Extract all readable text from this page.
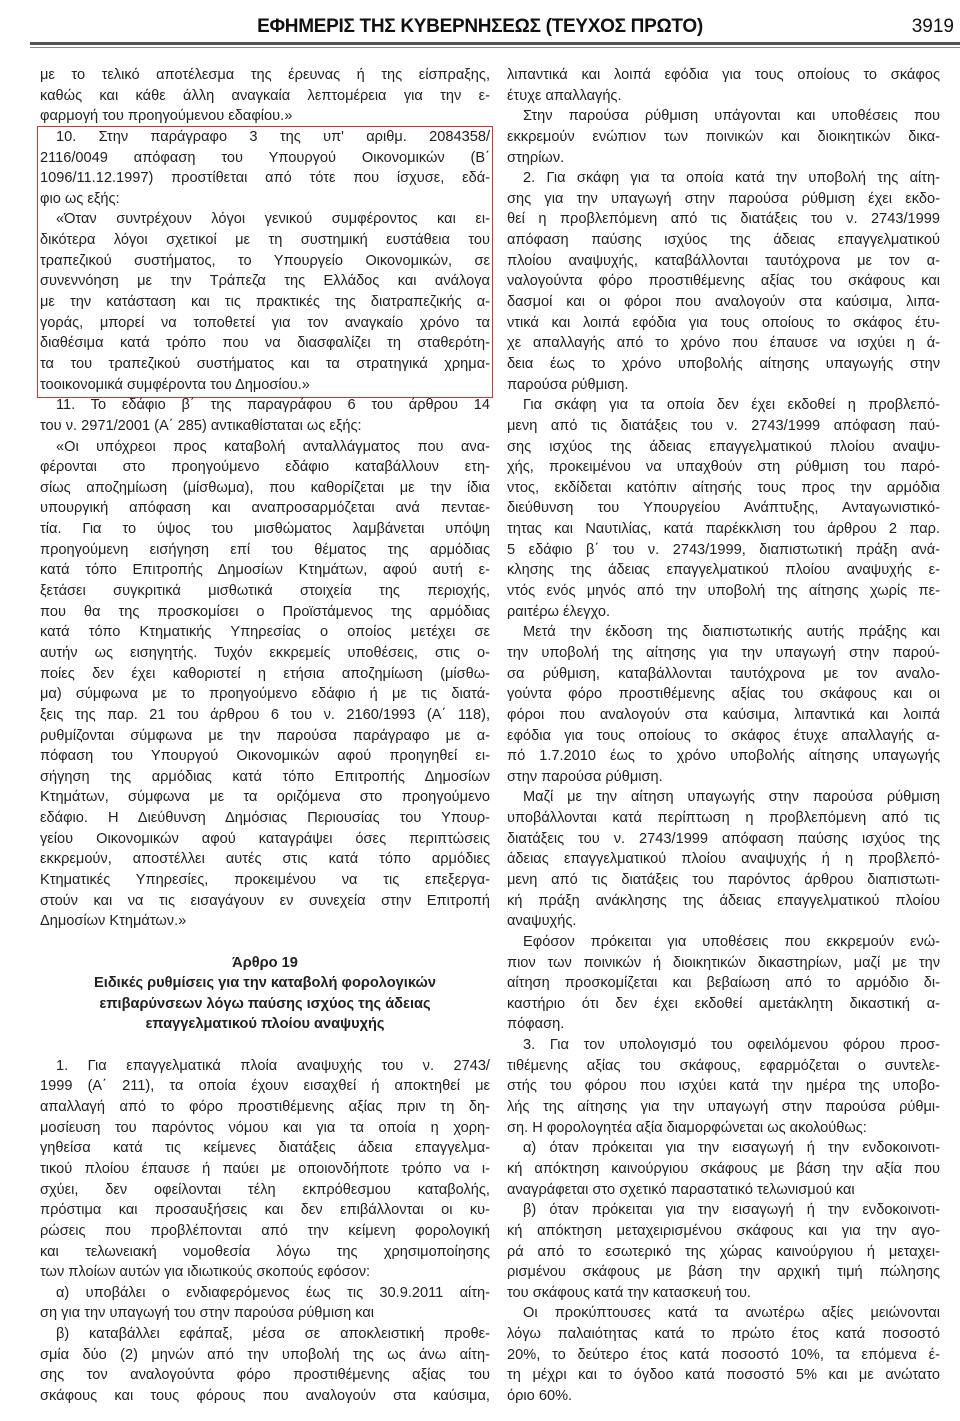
ΕΦΗΜΕΡΙΣ ΤΗΣ ΚΥΒΕΡΝΗΣΕΩΣ (ΤΕΥΧΟΣ ΠΡΩΤΟ)	3919
με το τελικό αποτέλεσμα της έρευνας ή της είσπραξης,
καθώς και κάθε άλλη αναγκαία λεπτομέρεια για την ε-
φαρμογή του προηγούμενου εδαφίου.»
10. Στην παράγραφο 3 της υπ' αριθμ. 2084358/
2116/0049 απόφαση του Υπουργού Οικονομικών (Β΄
1096/11.12.1997) προστίθεται από τότε που ίσχυσε, εδά-
φιο ως εξής:
«Όταν συντρέχουν λόγοι γενικού συμφέροντος και ει-
δικότερα λόγοι σχετικοί με τη συστημική ευστάθεια του
τραπεζικού συστήματος, το Υπουργείο Οικονομικών, σε
συνεννόηση με την Τράπεζα της Ελλάδος και ανάλογα
με την κατάσταση και τις πρακτικές της διατραπεζικής α-
γοράς, μπορεί να τοποθετεί για τον αναγκαίο χρόνο τα
διαθέσιμα κατά τρόπο που να διασφαλίζει τη σταθερότη-
τα του τραπεζικού συστήματος και τα στρατηγικά χρημα-
τοοικονομικά συμφέροντα του Δημοσίου.»
11. Το εδάφιο β΄ της παραγράφου 6 του άρθρου 14
του ν. 2971/2001 (Α΄ 285) αντικαθίσταται ως εξής:
«Οι υπόχρεοι προς καταβολή ανταλλάγματος που ανα-
φέρονται στο προηγούμενο εδάφιο καταβάλλουν ετη-
σίως αποζημίωση (μίσθωμα), που καθορίζεται με την ίδια
υπουργική απόφαση και αναπροσαρμόζεται ανά πενταε-
τία. Για το ύψος του μισθώματος λαμβάνεται υπόψη
προηγούμενη εισήγηση επί του θέματος της αρμόδιας
κατά τόπο Επιτροπής Δημοσίων Κτημάτων, αφού αυτή ε-
ξετάσει συγκριτικά μισθωτικά στοιχεία της περιοχής,
που θα της προσκομίσει ο Προϊστάμενος της αρμόδιας
κατά τόπο Κτηματικής Υπηρεσίας ο οποίος μετέχει σε
αυτήν ως εισηγητής. Τυχόν εκκρεμείς υποθέσεις, στις ο-
ποίες δεν έχει καθοριστεί η ετήσια αποζημίωση (μίσθω-
μα) σύμφωνα με το προηγούμενο εδάφιο ή με τις διατά-
ξεις της παρ. 21 του άρθρου 6 του ν. 2160/1993 (Α΄ 118),
ρυθμίζονται σύμφωνα με την παρούσα παράγραφο με α-
πόφαση του Υπουργού Οικονομικών αφού προηγηθεί ει-
σήγηση της αρμόδιας κατά τόπο Επιτροπής Δημοσίων
Κτημάτων, σύμφωνα με τα οριζόμενα στο προηγούμενο
εδάφιο. Η Διεύθυνση Δημόσιας Περιουσίας του Υπουρ-
γείου Οικονομικών αφού καταγράψει όσες περιπτώσεις
εκκρεμούν, αποστέλλει αυτές στις κατά τόπο αρμόδιες
Κτηματικές Υπηρεσίες, προκειμένου να τις επεξεργα-
στούν και να τις εισαγάγουν εν συνεχεία στην Επιτροπή
Δημοσίων Κτημάτων.»
Άρθρο 19
Ειδικές ρυθμίσεις για την καταβολή φορολογικών
επιβαρύνσεων λόγω παύσης ισχύος της άδειας
επαγγελματικού πλοίου αναψυχής
1. Για επαγγελματικά πλοία αναψυχής του ν. 2743/
1999 (Α΄ 211), τα οποία έχουν εισαχθεί ή αποκτηθεί με
απαλλαγή από το φόρο προστιθέμενης αξίας πριν τη δη-
μοσίευση του παρόντος νόμου και για τα οποία η χορη-
γηθείσα κατά τις κείμενες διατάξεις άδεια επαγγελμα-
τικού πλοίου έπαυσε ή παύει με οποιονδήποτε τρόπο να ι-
σχύει, δεν οφείλονται τέλη εκπρόθεσμου καταβολής,
πρόστιμα και προσαυξήσεις και δεν επιβάλλονται οι κυ-
ρώσεις που προβλέπονται από την κείμενη φορολογική
και τελωνειακή νομοθεσία λόγω της χρησιμοποίησης
των πλοίων αυτών για ιδιωτικούς σκοπούς εφόσον:
α) υποβάλει ο ενδιαφερόμενος έως τις 30.9.2011 αίτη-
ση για την υπαγωγή του στην παρούσα ρύθμιση και
β) καταβάλλει εφάπαξ, μέσα σε αποκλειστική προθε-
σμία δύο (2) μηνών από την υποβολή της ως άνω αίτη-
σης τον αναλογούντα φόρο προστιθέμενης αξίας του
σκάφους και τους φόρους που αναλογούν στα καύσιμα,
λιπαντικά και λοιπά εφόδια για τους οποίους το σκάφος
έτυχε απαλλαγής.
Στην παρούσα ρύθμιση υπάγονται και υποθέσεις που
εκκρεμούν ενώπιον των ποινικών και διοικητικών δικα-
στηρίων.
2. Για σκάφη για τα οποία κατά την υποβολή της αίτη-
σης για την υπαγωγή στην παρούσα ρύθμιση έχει εκδο-
θεί η προβλεπόμενη από τις διατάξεις του ν. 2743/1999
απόφαση παύσης ισχύος της άδειας επαγγελματικού
πλοίου αναψυχής, καταβάλλονται ταυτόχρονα με τον α-
ναλογούντα φόρο προστιθέμενης αξίας του σκάφους και
δασμοί και οι φόροι που αναλογούν στα καύσιμα, λιπα-
ντικά και λοιπά εφόδια για τους οποίους το σκάφος έτυ-
χε απαλλαγής από το χρόνο που έπαυσε να ισχύει η ά-
δεια έως το χρόνο υποβολής αίτησης υπαγωγής στην
παρούσα ρύθμιση.
Για σκάφη για τα οποία δεν έχει εκδοθεί η προβλεπό-
μενη από τις διατάξεις του ν. 2743/1999 απόφαση παύ-
σης ισχύος της άδειας επαγγελματικού πλοίου αναψυ-
χής, προκειμένου να υπαχθούν στη ρύθμιση του παρό-
ντος, εκδίδεται κατόπιν αίτησής τους προς την αρμόδια
διεύθυνση του Υπουργείου Ανάπτυξης, Ανταγωνιστικό-
τητας και Ναυτιλίας, κατά παρέκκλιση του άρθρου 2 παρ.
5 εδάφιο β΄ του ν. 2743/1999, διαπιστωτική πράξη ανά-
κλησης της άδειας επαγγελματικού πλοίου αναψυχής ε-
ντός ενός μηνός από την υποβολή της αίτησης χωρίς πε-
ραιτέρω έλεγχο.
Μετά την έκδοση της διαπιστωτικής αυτής πράξης και
την υποβολή της αίτησης για την υπαγωγή στην παρού-
σα ρύθμιση, καταβάλλονται ταυτόχρονα με τον αναλο-
γούντα φόρο προστιθέμενης αξίας του σκάφους και οι
φόροι που αναλογούν στα καύσιμα, λιπαντικά και λοιπά
εφόδια για τους οποίους το σκάφος έτυχε απαλλαγής α-
πό 1.7.2010 έως το χρόνο υποβολής αίτησης υπαγωγής
στην παρούσα ρύθμιση.
Μαζί με την αίτηση υπαγωγής στην παρούσα ρύθμιση
υποβάλλονται κατά περίπτωση η προβλεπόμενη από τις
διατάξεις του ν. 2743/1999 απόφαση παύσης ισχύος της
άδειας επαγγελματικού πλοίου αναψυχής ή η προβλεπό-
μενη από τις διατάξεις του παρόντος άρθρου διαπιστωτι-
κή πράξη ανάκλησης της άδειας επαγγελματικού πλοίου
αναψυχής.
Εφόσον πρόκειται για υποθέσεις που εκκρεμούν ενώ-
πιον των ποινικών ή διοικητικών δικαστηρίων, μαζί με την
αίτηση προσκομίζεται και βεβαίωση από το αρμόδιο δι-
καστήριο ότι δεν έχει εκδοθεί αμετάκλητη δικαστική α-
πόφαση.
3. Για τον υπολογισμό του οφειλόμενου φόρου προσ-
τιθέμενης αξίας του σκάφους, εφαρμόζεται ο συντελε-
στής του φόρου που ισχύει κατά την ημέρα της υποβο-
λής της αίτησης για την υπαγωγή στην παρούσα ρύθμι-
ση. Η φορολογητέα αξία διαμορφώνεται ως ακολούθως:
α) όταν πρόκειται για την εισαγωγή ή την ενδοκοινοτι-
κή απόκτηση καινούργιου σκάφους με βάση την αξία που
αναγράφεται στο σχετικό παραστατικό τελωνισμού και
β) όταν πρόκειται για την εισαγωγή ή την ενδοκοινοτι-
κή απόκτηση μεταχειρισμένου σκάφους και για την αγο-
ρά από το εσωτερικό της χώρας καινούργιου ή μεταχει-
ρισμένου σκάφους με βάση την αρχική τιμή πώλησης
του σκάφους κατά την κατασκευή του.
Οι προκύπτουσες κατά τα ανωτέρω αξίες μειώνονται
λόγω παλαιότητας κατά το πρώτο έτος κατά ποσοστό
20%, το δεύτερο έτος κατά ποσοστό 10%, τα επόμενα έ-
τη μέχρι και το όγδοο κατά ποσοστό 5% και με ανώτατο
όριο 60%.
